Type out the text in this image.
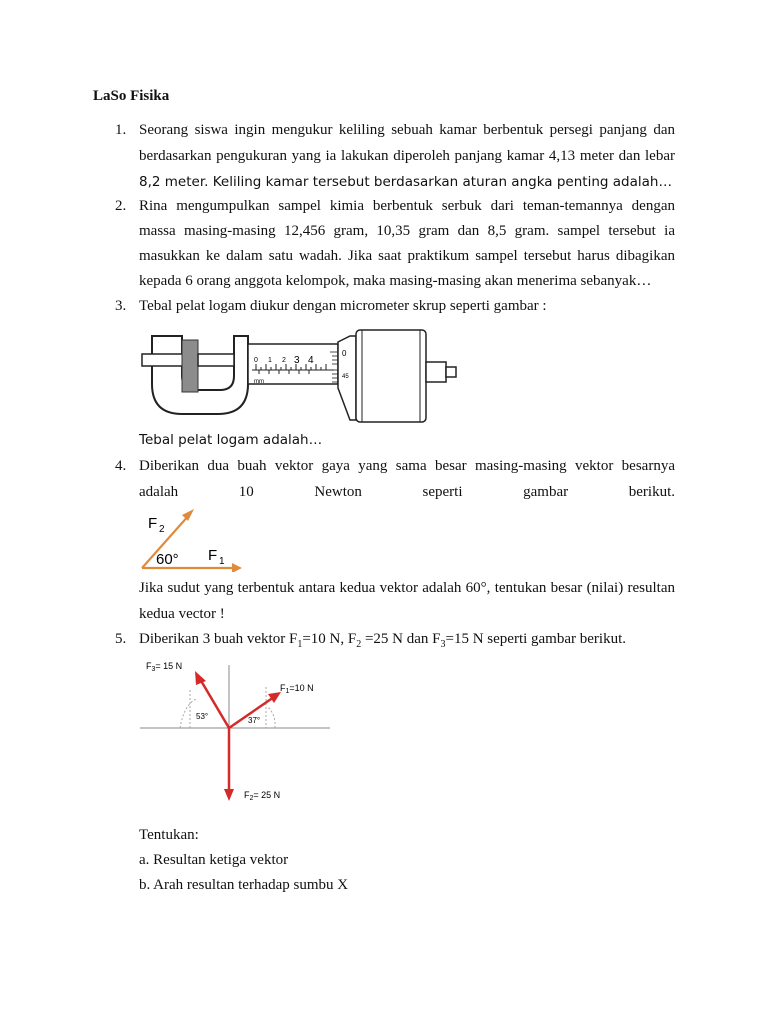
LaSo Fisika
1. Seorang siswa ingin mengukur keliling sebuah kamar berbentuk persegi panjang dan
berdasarkan pengukuran yang ia lakukan diperoleh panjang kamar 4,13 meter dan lebar
8,2 meter. Keliling kamar tersebut berdasarkan aturan angka penting adalah…
2. Rina mengumpulkan sampel kimia berbentuk serbuk dari teman-temannya dengan
massa masing-masing 12,456 gram, 10,35 gram dan 8,5 gram. sampel tersebut ia
masukkan ke dalam satu wadah. Jika saat praktikum sampel tersebut harus dibagikan
kepada 6 orang anggota kelompok, maka masing-masing akan menerima sebanyak…
3. Tebal pelat logam diukur dengan micrometer skrup seperti gambar :
0 1 2 3 4
mm
0
45
Tebal pelat logam adalah…
4. Diberikan dua buah vektor gaya yang sama besar masing-masing vektor besarnya
adalah 10 Newton seperti gambar berikut.
F 2
60° F 1
Jika sudut yang terbentuk antara kedua vektor adalah 60°, tentukan besar (nilai) resultan
kedua vector !
5. Diberikan 3 buah vektor $F_1=10$ N, $F_2 =25$ N dan $F_3=15$ N seperti gambar berikut.
$F_3= 15$ N
$F_1=10$ N
$F_2= 25$ N
53°	37°
Tentukan:
a. Resultan ketiga vektor
b. Arah resultan terhadap sumbu X
